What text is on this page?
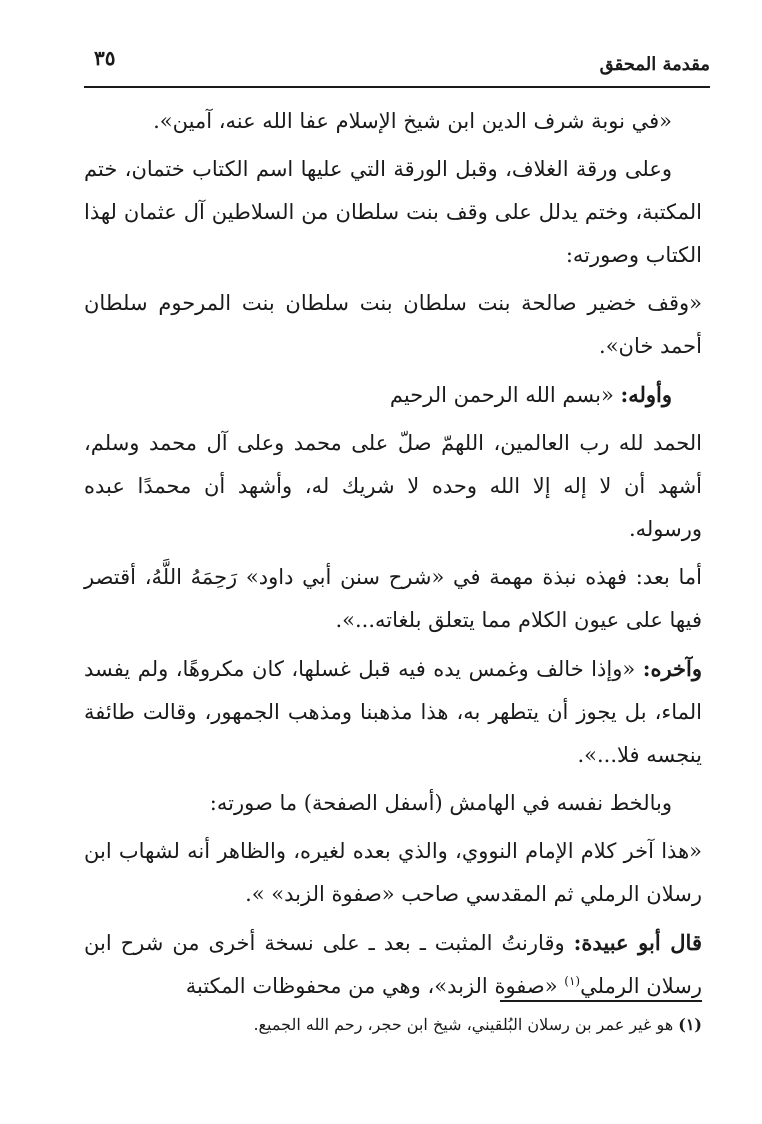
مقدمة المحقق
٣٥

«في نوبة شرف الدين ابن شيخ الإسلام عفا الله عنه، آمين».

وعلى ورقة الغلاف، وقبل الورقة التي عليها اسم الكتاب ختمان، ختم المكتبة، وختم يدلل على وقف بنت سلطان من السلاطين آل عثمان لهذا الكتاب وصورته:

«وقف خضير صالحة بنت سلطان بنت سلطان بنت المرحوم سلطان أحمد خان».

وأوله: «بسم الله الرحمن الرحيم

الحمد لله رب العالمين، اللهمّ صلّ على محمد وعلى آل محمد وسلم، أشهد أن لا إله إلا الله وحده لا شريك له، وأشهد أن محمدًا عبده ورسوله.

أما بعد: فهذه نبذة مهمة في «شرح سنن أبي داود» رَحِمَهُ اللَّهُ، أقتصر فيها على عيون الكلام مما يتعلق بلغاته...».

وآخره: «وإذا خالف وغمس يده فيه قبل غسلها، كان مكروهًا، ولم يفسد الماء، بل يجوز أن يتطهر به، هذا مذهبنا ومذهب الجمهور، وقالت طائفة ينجسه فلا...».

وبالخط نفسه في الهامش (أسفل الصفحة) ما صورته:

«هذا آخر كلام الإمام النووي، والذي بعده لغيره، والظاهر أنه لشهاب ابن رسلان الرملي ثم المقدسي صاحب «صفوة الزبد» ».

قال أبو عبيدة: وقارنتُ المثبت ـ بعد ـ على نسخة أخرى من شرح ابن رسلان الرملي$^{(١)}$ «صفوة الزبد»، وهي من محفوظات المكتبة

(١) هو غير عمر بن رسلان البُلقيني، شيخ ابن حجر، رحم الله الجميع.
